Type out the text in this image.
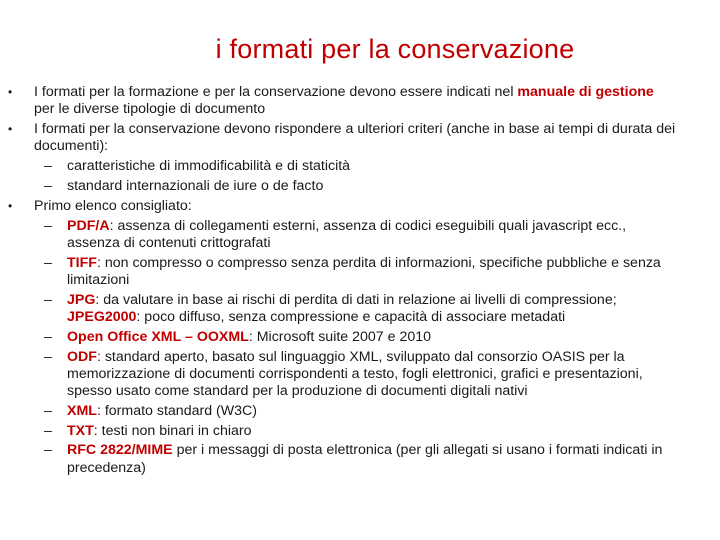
i formati per la conservazione
• I formati per la formazione e per la conservazione devono essere indicati nel manuale di gestione per le diverse tipologie di documento
• I formati per la conservazione devono rispondere a ulteriori criteri (anche in base ai tempi di durata dei documenti):
– caratteristiche di immodificabilità e di staticità
– standard internazionali de iure o de facto
• Primo elenco consigliato:
– PDF/A: assenza di collegamenti esterni, assenza di codici eseguibili quali javascript ecc., assenza di contenuti crittografati
– TIFF: non compresso o compresso senza perdita di informazioni, specifiche pubbliche e senza limitazioni
– JPG: da valutare in base ai rischi di perdita di dati in relazione ai livelli di compressione; JPEG2000: poco diffuso, senza compressione e capacità di associare metadati
– Open Office XML – OOXML: Microsoft suite 2007 e 2010
– ODF: standard aperto, basato sul linguaggio XML, sviluppato dal consorzio OASIS per la memorizzazione di documenti corrispondenti a testo, fogli elettronici, grafici e presentazioni, spesso usato come standard per la produzione di documenti digitali nativi
– XML: formato standard (W3C)
– TXT: testi non binari in chiaro
– RFC 2822/MIME per i messaggi di posta elettronica (per gli allegati si usano i formati indicati in precedenza)
